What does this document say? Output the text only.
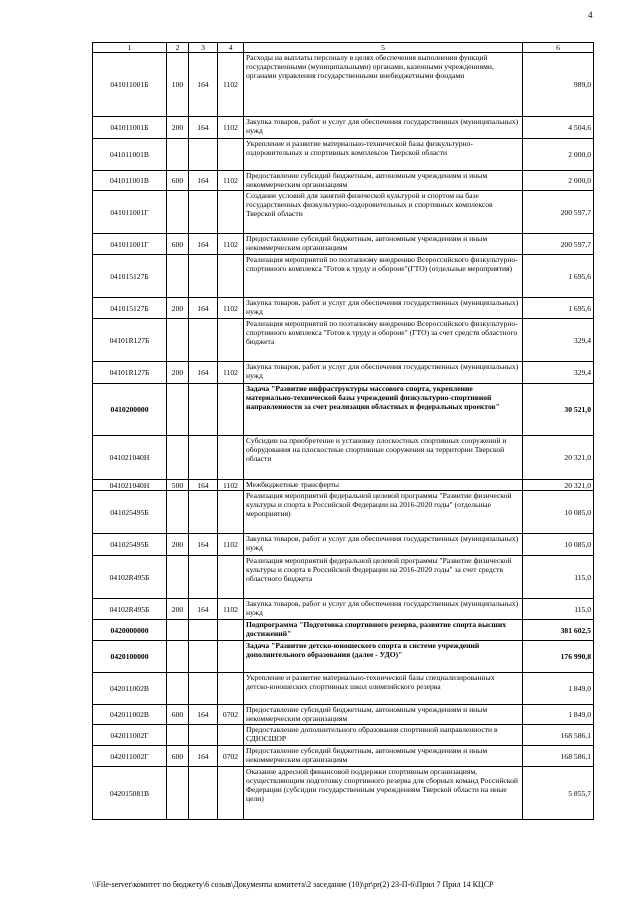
4
1	2	3	4	5	6
041011001Б	100	164	1102	Расходы на выплаты персоналу в целях обеспечения выполнения функций государственными (муниципальными) органами, казенными учреждениями, органами управления государственными внебюджетными фондами	989,0
041011001Б	200	164	1102	Закупка товаров, работ и услуг для обеспечения государственных (муниципальных) нужд	4 504,6
041011001В				Укрепление и развитие материально-технической базы физкультурно-оздоровительных и спортивных комплексов Тверской области	2 000,0
041011001В	600	164	1102	Предоставление субсидий бюджетным, автономным учреждениям и иным некоммерческим организациям	2 000,0
041011001Г				Создание условий для занятий физической культурой и спортом на базе государственных физкультурно-оздоровительных и спортивных комплексов Тверской области	200 597,7
041011001Г	600	164	1102	Предоставление субсидий бюджетным, автономным учреждениям и иным некоммерческим организациям	200 597,7
041015127Б				Реализация мероприятий по поэтапному внедрению Всероссийского физкультурно-спортивного комплекса "Готов к труду и обороне"(ГТО) (отдельные мероприятия)	1 695,6
041015127Б	200	164	1102	Закупка товаров, работ и услуг для обеспечения государственных (муниципальных) нужд	1 695,6
04101R127Б				Реализация мероприятий по поэтапному внедрению Всероссийского физкультурно-спортивного комплекса "Готов к труду и обороне" (ГТО) за счет средств областного бюджета	329,4
04101R127Б	200	164	1102	Закупка товаров, работ и услуг для обеспечения государственных (муниципальных) нужд	329,4
0410200000				Задача "Развитие инфраструктуры массового спорта, укрепление материально-технической базы учреждений физкультурно-спортивной направленности за счет реализации областных и федеральных проектов"	30 521,0
041021040Н				Субсидии на приобретение и установку плоскостных спортивных сооружений и оборудования на плоскостные спортивные сооружения на территории Тверской области	20 321,0
041021040Н	500	164	1102	Межбюджетные трансферты	20 321,0
041025495Б				Реализация мероприятий федеральной целевой программы "Развитие физической культуры и спорта в Российской Федерации на 2016-2020 годы" (отдельные мероприятия)	10 085,0
041025495Б	200	164	1102	Закупка товаров, работ и услуг для обеспечения государственных (муниципальных) нужд	10 085,0
04102R495Б				Реализация мероприятий федеральной целевой программы "Развитие физической культуры и спорта в Российской Федерации на 2016-2020 годы" за счет средств областного бюджета	115,0
04102R495Б	200	164	1102	Закупка товаров, работ и услуг для обеспечения государственных (муниципальных) нужд	115,0
0420000000				Подпрограмма "Подготовка спортивного резерва, развитие спорта высших достижений"	381 602,5
0420100000				Задача "Развитие детско-юношеского спорта в системе учреждений дополнительного образования (далее - УДО)"	176 990,8
042011002В				Укрепление и развитие материально-технической базы специализированных детско-юношеских спортивных школ олимпийского резерва	1 849,0
042011002В	600	164	0702	Предоставление субсидий бюджетным, автономным учреждениям и иным некоммерческим организациям	1 849,0
042011002Г				Предоставление дополнительного образования спортивной направленности в СДЮСШОР	168 586,1
042011002Г	600	164	0702	Предоставление субсидий бюджетным, автономным учреждениям и иным некоммерческим организациям	168 586,1
042015081В				Оказание адресной финансовой поддержки спортивным организациям, осуществляющим подготовку спортивного резерва для сборных команд Российской Федерации (субсидии государственным учреждениям Тверской области на иные цели)	5 855,7
\\File-server\комитет по бюджету\6 созыв\Документы комитета\2 заседание (10)\pr\pr(2) 23-П-6\Прил 7 Прил 14 КЦСР
